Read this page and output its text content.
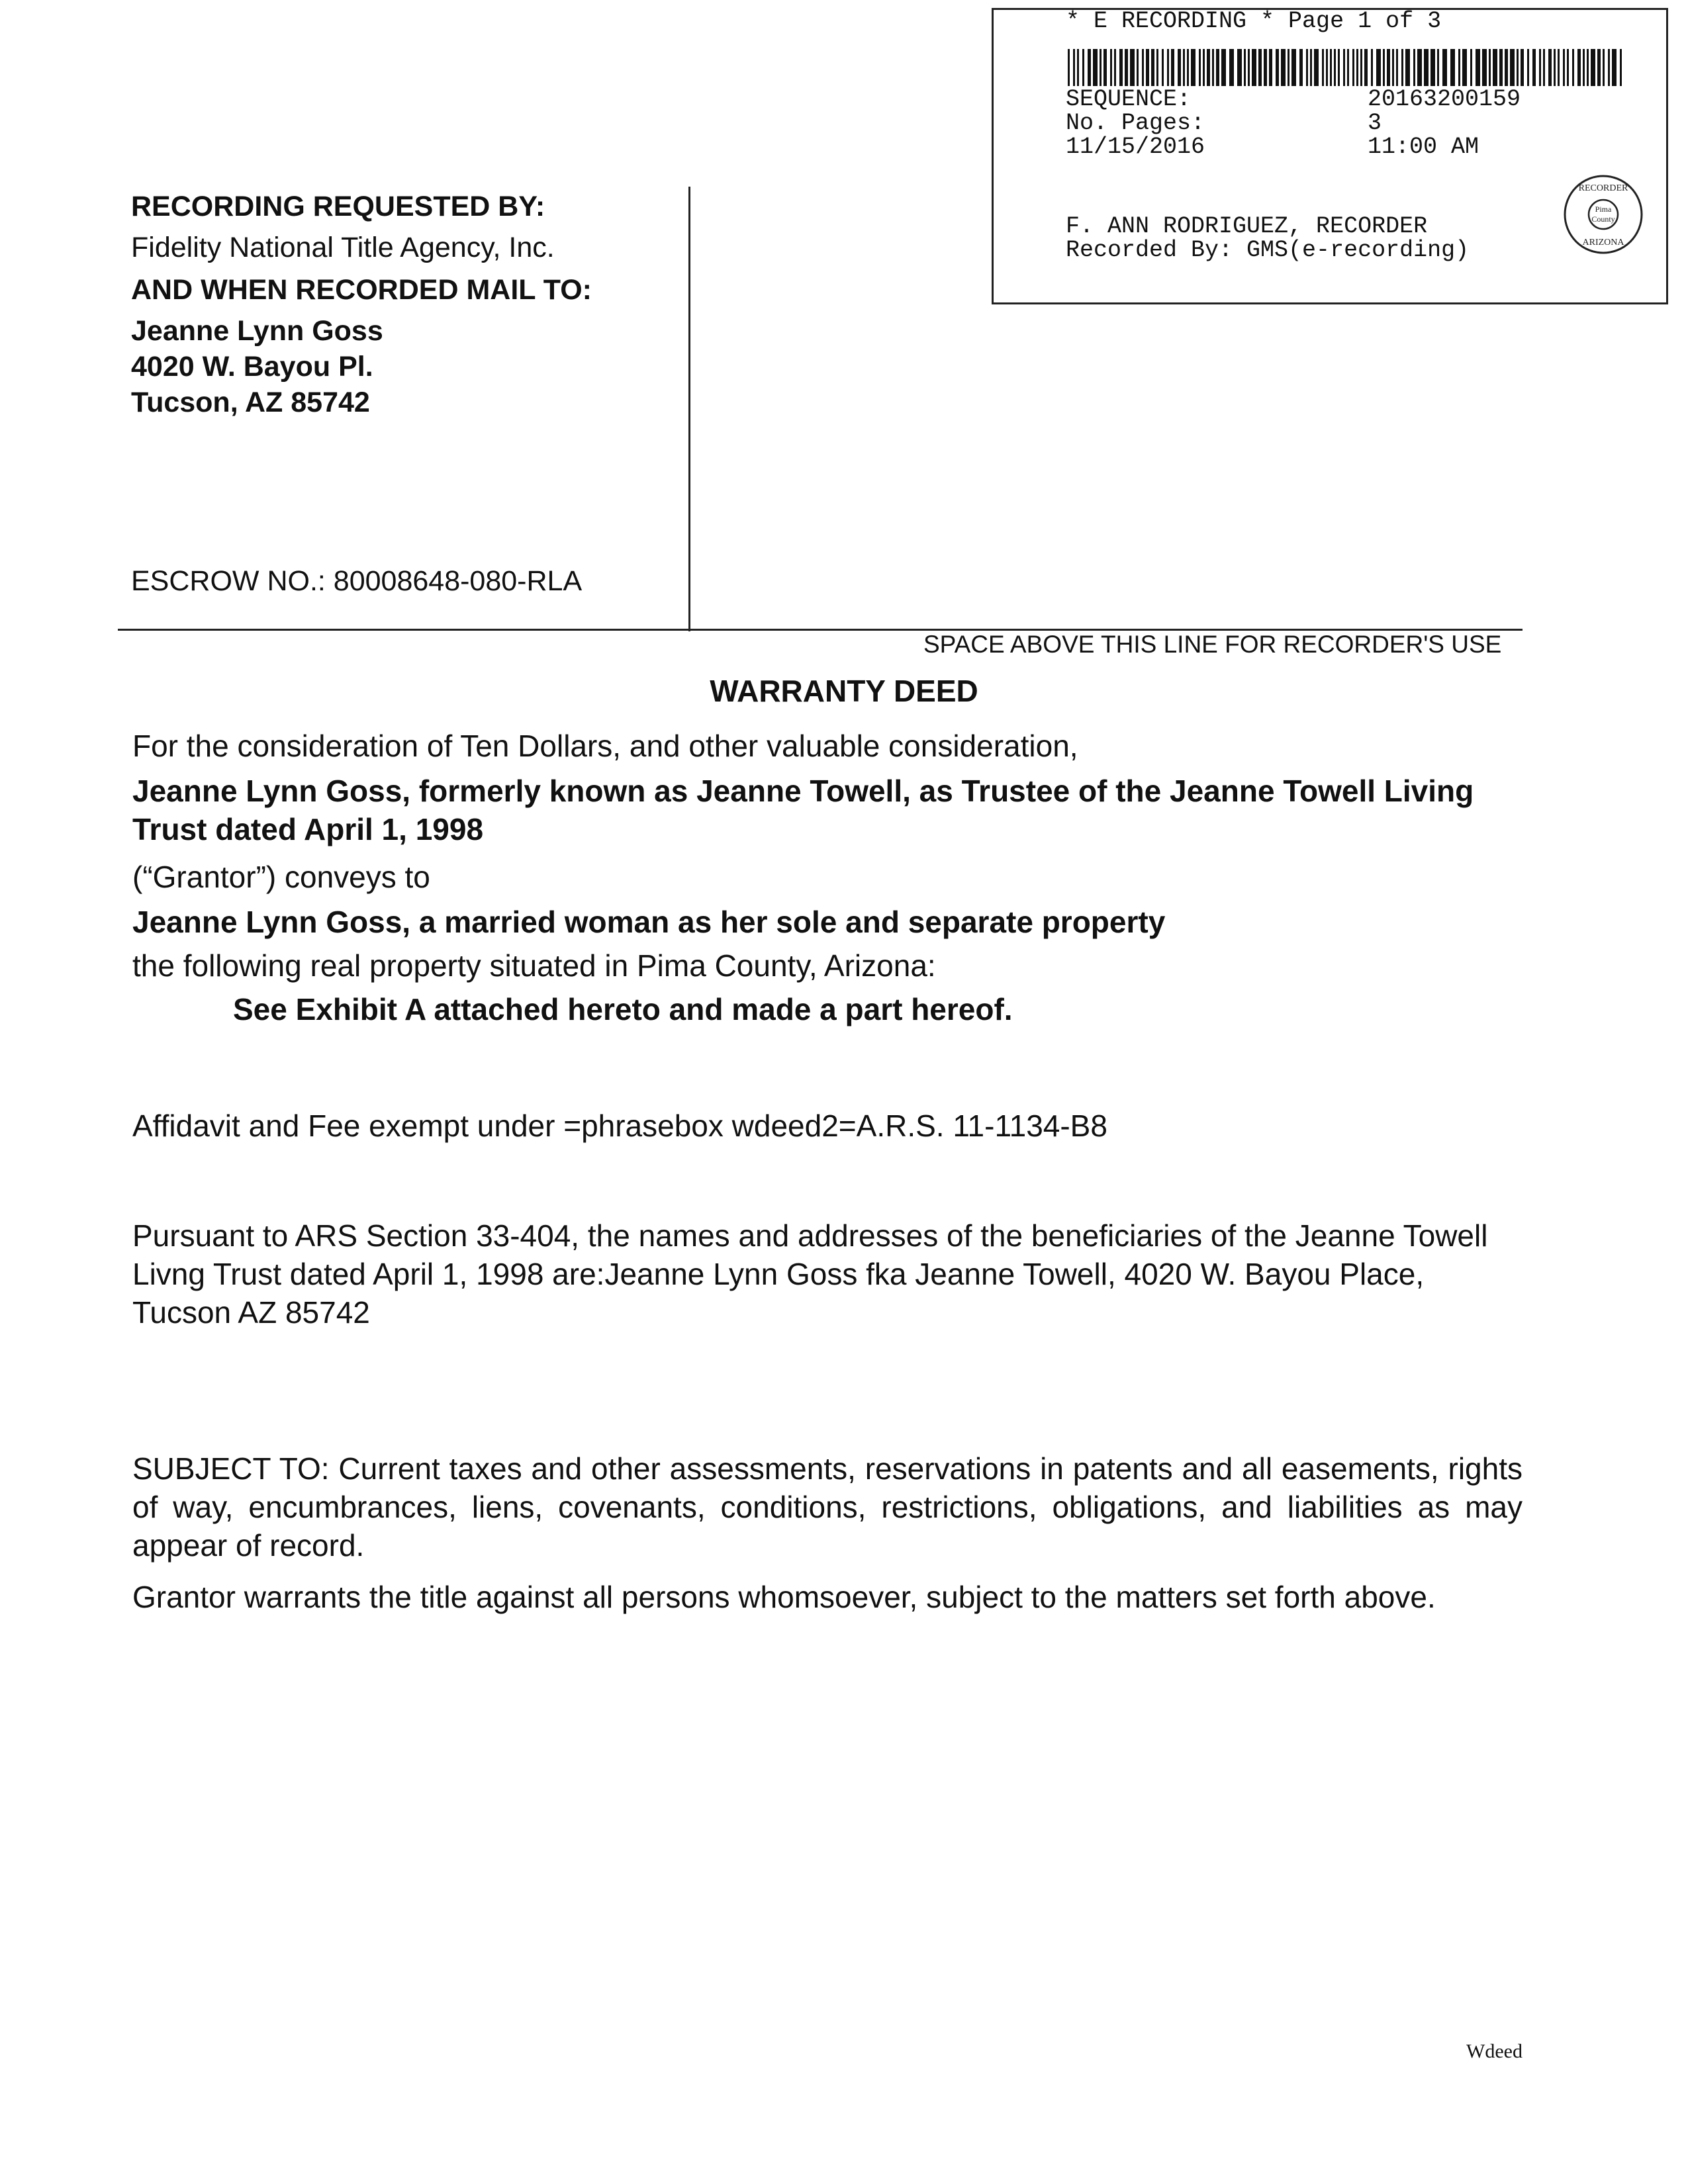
* E RECORDING * Page 1 of 3
SEQUENCE:	20163200159
No. Pages:	3
11/15/2016	11:00 AM
F. ANN RODRIGUEZ, RECORDER
Recorded By: GMS(e-recording)
Pima
County
RECORDER
ARIZONA
RECORDING REQUESTED BY:
Fidelity National Title Agency, Inc.
AND WHEN RECORDED MAIL TO:
Jeanne Lynn Goss
4020 W. Bayou Pl.
Tucson, AZ 85742
ESCROW NO.: 80008648-080-RLA
SPACE ABOVE THIS LINE FOR RECORDER'S USE
WARRANTY DEED
For the consideration of Ten Dollars, and other valuable consideration,
Jeanne Lynn Goss, formerly known as Jeanne Towell, as Trustee of the Jeanne Towell Living Trust dated April 1, 1998
(“Grantor”) conveys to
Jeanne Lynn Goss, a married woman as her sole and separate property
the following real property situated in Pima County, Arizona:
See Exhibit A attached hereto and made a part hereof.
Affidavit and Fee exempt under =phrasebox wdeed2=A.R.S. 11-1134-B8
Pursuant to ARS Section 33-404, the names and addresses of the beneficiaries of the Jeanne Towell Livng Trust dated April 1, 1998 are:Jeanne Lynn Goss fka Jeanne Towell, 4020 W. Bayou Place, Tucson AZ 85742
SUBJECT TO: Current taxes and other assessments, reservations in patents and all easements, rights of way, encumbrances, liens, covenants, conditions, restrictions, obligations, and liabilities as may appear of record.
Grantor warrants the title against all persons whomsoever, subject to the matters set forth above.
Wdeed
